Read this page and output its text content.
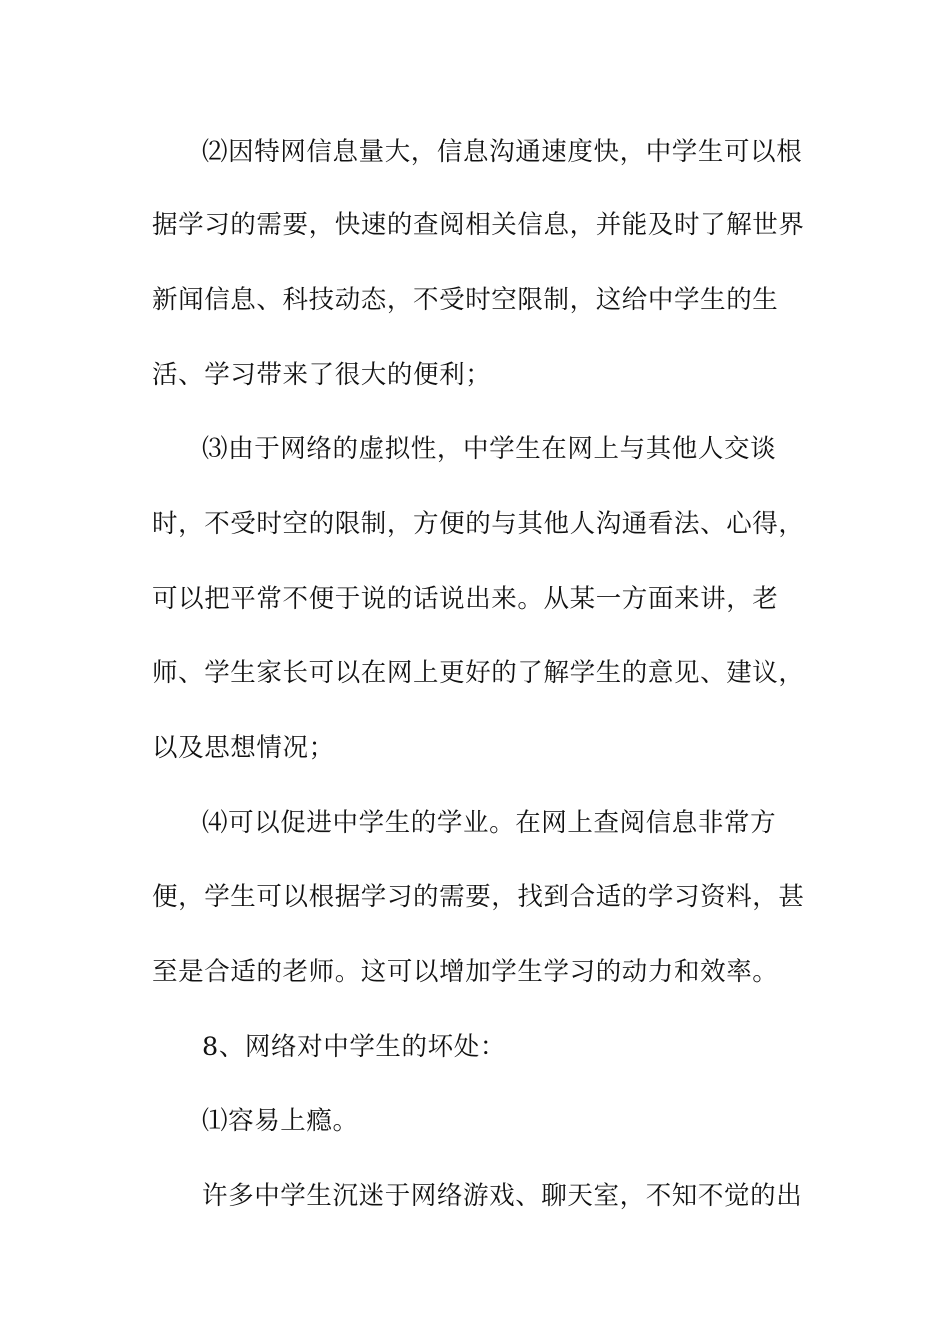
⑵因特网信息量大，信息沟通速度快，中学生可以根
据学习的需要，快速的查阅相关信息，并能及时了解世界
新闻信息、科技动态，不受时空限制，这给中学生的生
活、学习带来了很大的便利；
⑶由于网络的虚拟性，中学生在网上与其他人交谈
时，不受时空的限制，方便的与其他人沟通看法、心得，
可以把平常不便于说的话说出来。从某一方面来讲，老
师、学生家长可以在网上更好的了解学生的意见、建议，
以及思想情况；
⑷可以促进中学生的学业。在网上查阅信息非常方
便，学生可以根据学习的需要，找到合适的学习资料，甚
至是合适的老师。这可以增加学生学习的动力和效率。
8、网络对中学生的坏处：
⑴容易上瘾。
许多中学生沉迷于网络游戏、聊天室，不知不觉的出
